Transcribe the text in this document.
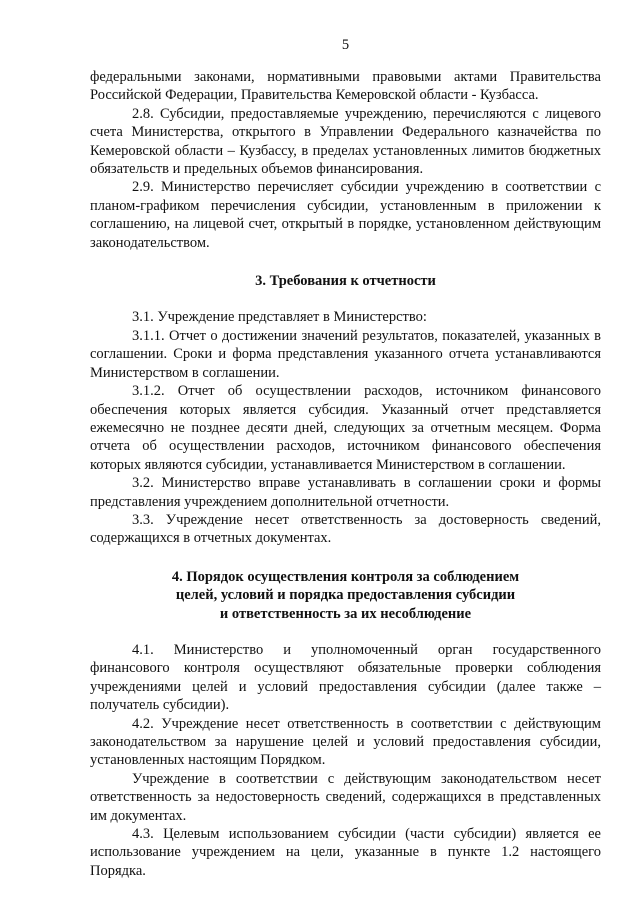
5

федеральными законами, нормативными правовыми актами Правительства Российской Федерации, Правительства Кемеровской области - Кузбасса.

2.8. Субсидии, предоставляемые учреждению, перечисляются с лицевого счета Министерства, открытого в Управлении Федерального казначейства по Кемеровской области – Кузбассу, в пределах установленных лимитов бюджетных обязательств и предельных объемов финансирования.

2.9. Министерство перечисляет субсидии учреждению в соответствии с планом-графиком перечисления субсидии, установленным в приложении к соглашению, на лицевой счет, открытый в порядке, установленном действующим законодательством.

3. Требования к отчетности

3.1. Учреждение представляет в Министерство:

3.1.1. Отчет о достижении значений результатов, показателей, указанных в соглашении. Сроки и форма представления указанного отчета устанавливаются Министерством в соглашении.

3.1.2. Отчет об осуществлении расходов, источником финансового обеспечения которых является субсидия. Указанный отчет представляется ежемесячно не позднее десяти дней, следующих за отчетным месяцем. Форма отчета об осуществлении расходов, источником финансового обеспечения которых являются субсидии, устанавливается Министерством в соглашении.

3.2. Министерство вправе устанавливать в соглашении сроки и формы представления учреждением дополнительной отчетности.

3.3. Учреждение несет ответственность за достоверность сведений, содержащихся в отчетных документах.

4. Порядок осуществления контроля за соблюдением

целей, условий и порядка предоставления субсидии

и ответственность за их несоблюдение

4.1. Министерство и уполномоченный орган государственного финансового контроля осуществляют обязательные проверки соблюдения учреждениями целей и условий предоставления субсидии (далее также – получатель субсидии).

4.2. Учреждение несет ответственность в соответствии с действующим законодательством за нарушение целей и условий предоставления субсидии, установленных настоящим Порядком.

Учреждение в соответствии с действующим законодательством несет ответственность за недостоверность сведений, содержащихся в представленных им документах.

4.3. Целевым использованием субсидии (части субсидии) является ее использование учреждением на цели, указанные в пункте 1.2 настоящего Порядка.
